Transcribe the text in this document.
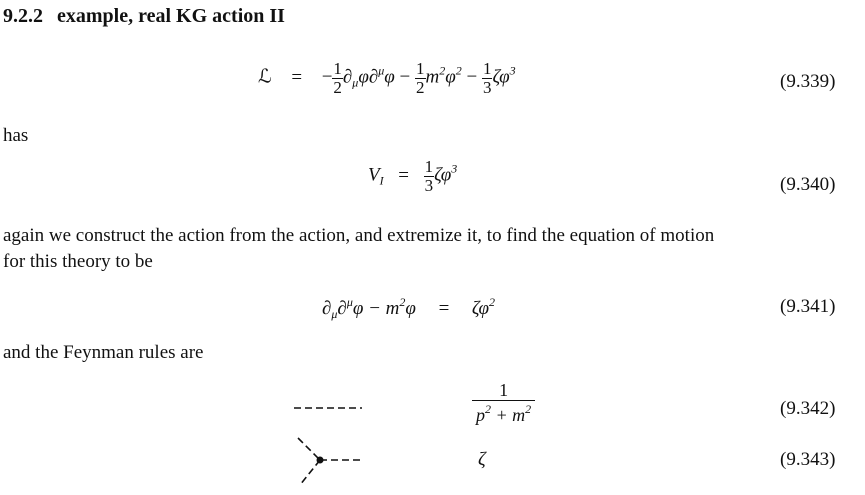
9.2.2 example, real KG action II
ℒ = − $\frac{1}{2} \partial_\mu\varphi\partial^\mu\varphi - \frac{1}{2} m^2\varphi^2 - \frac{1}{3} \zeta\varphi^3$
(9.339)
has
$V_I = \frac{1}{3} \zeta\varphi^3$
(9.340)
again we construct the action from the action, and extremize it, to find the equation of motion
for this theory to be
$\partial_\mu\partial^\mu\varphi - m^2\varphi = \zeta\varphi^2$	(9.341)
and the Feynman rules are
$\frac{1}{p^2 + m^2}$	(9.342)
ζ	(9.343)
